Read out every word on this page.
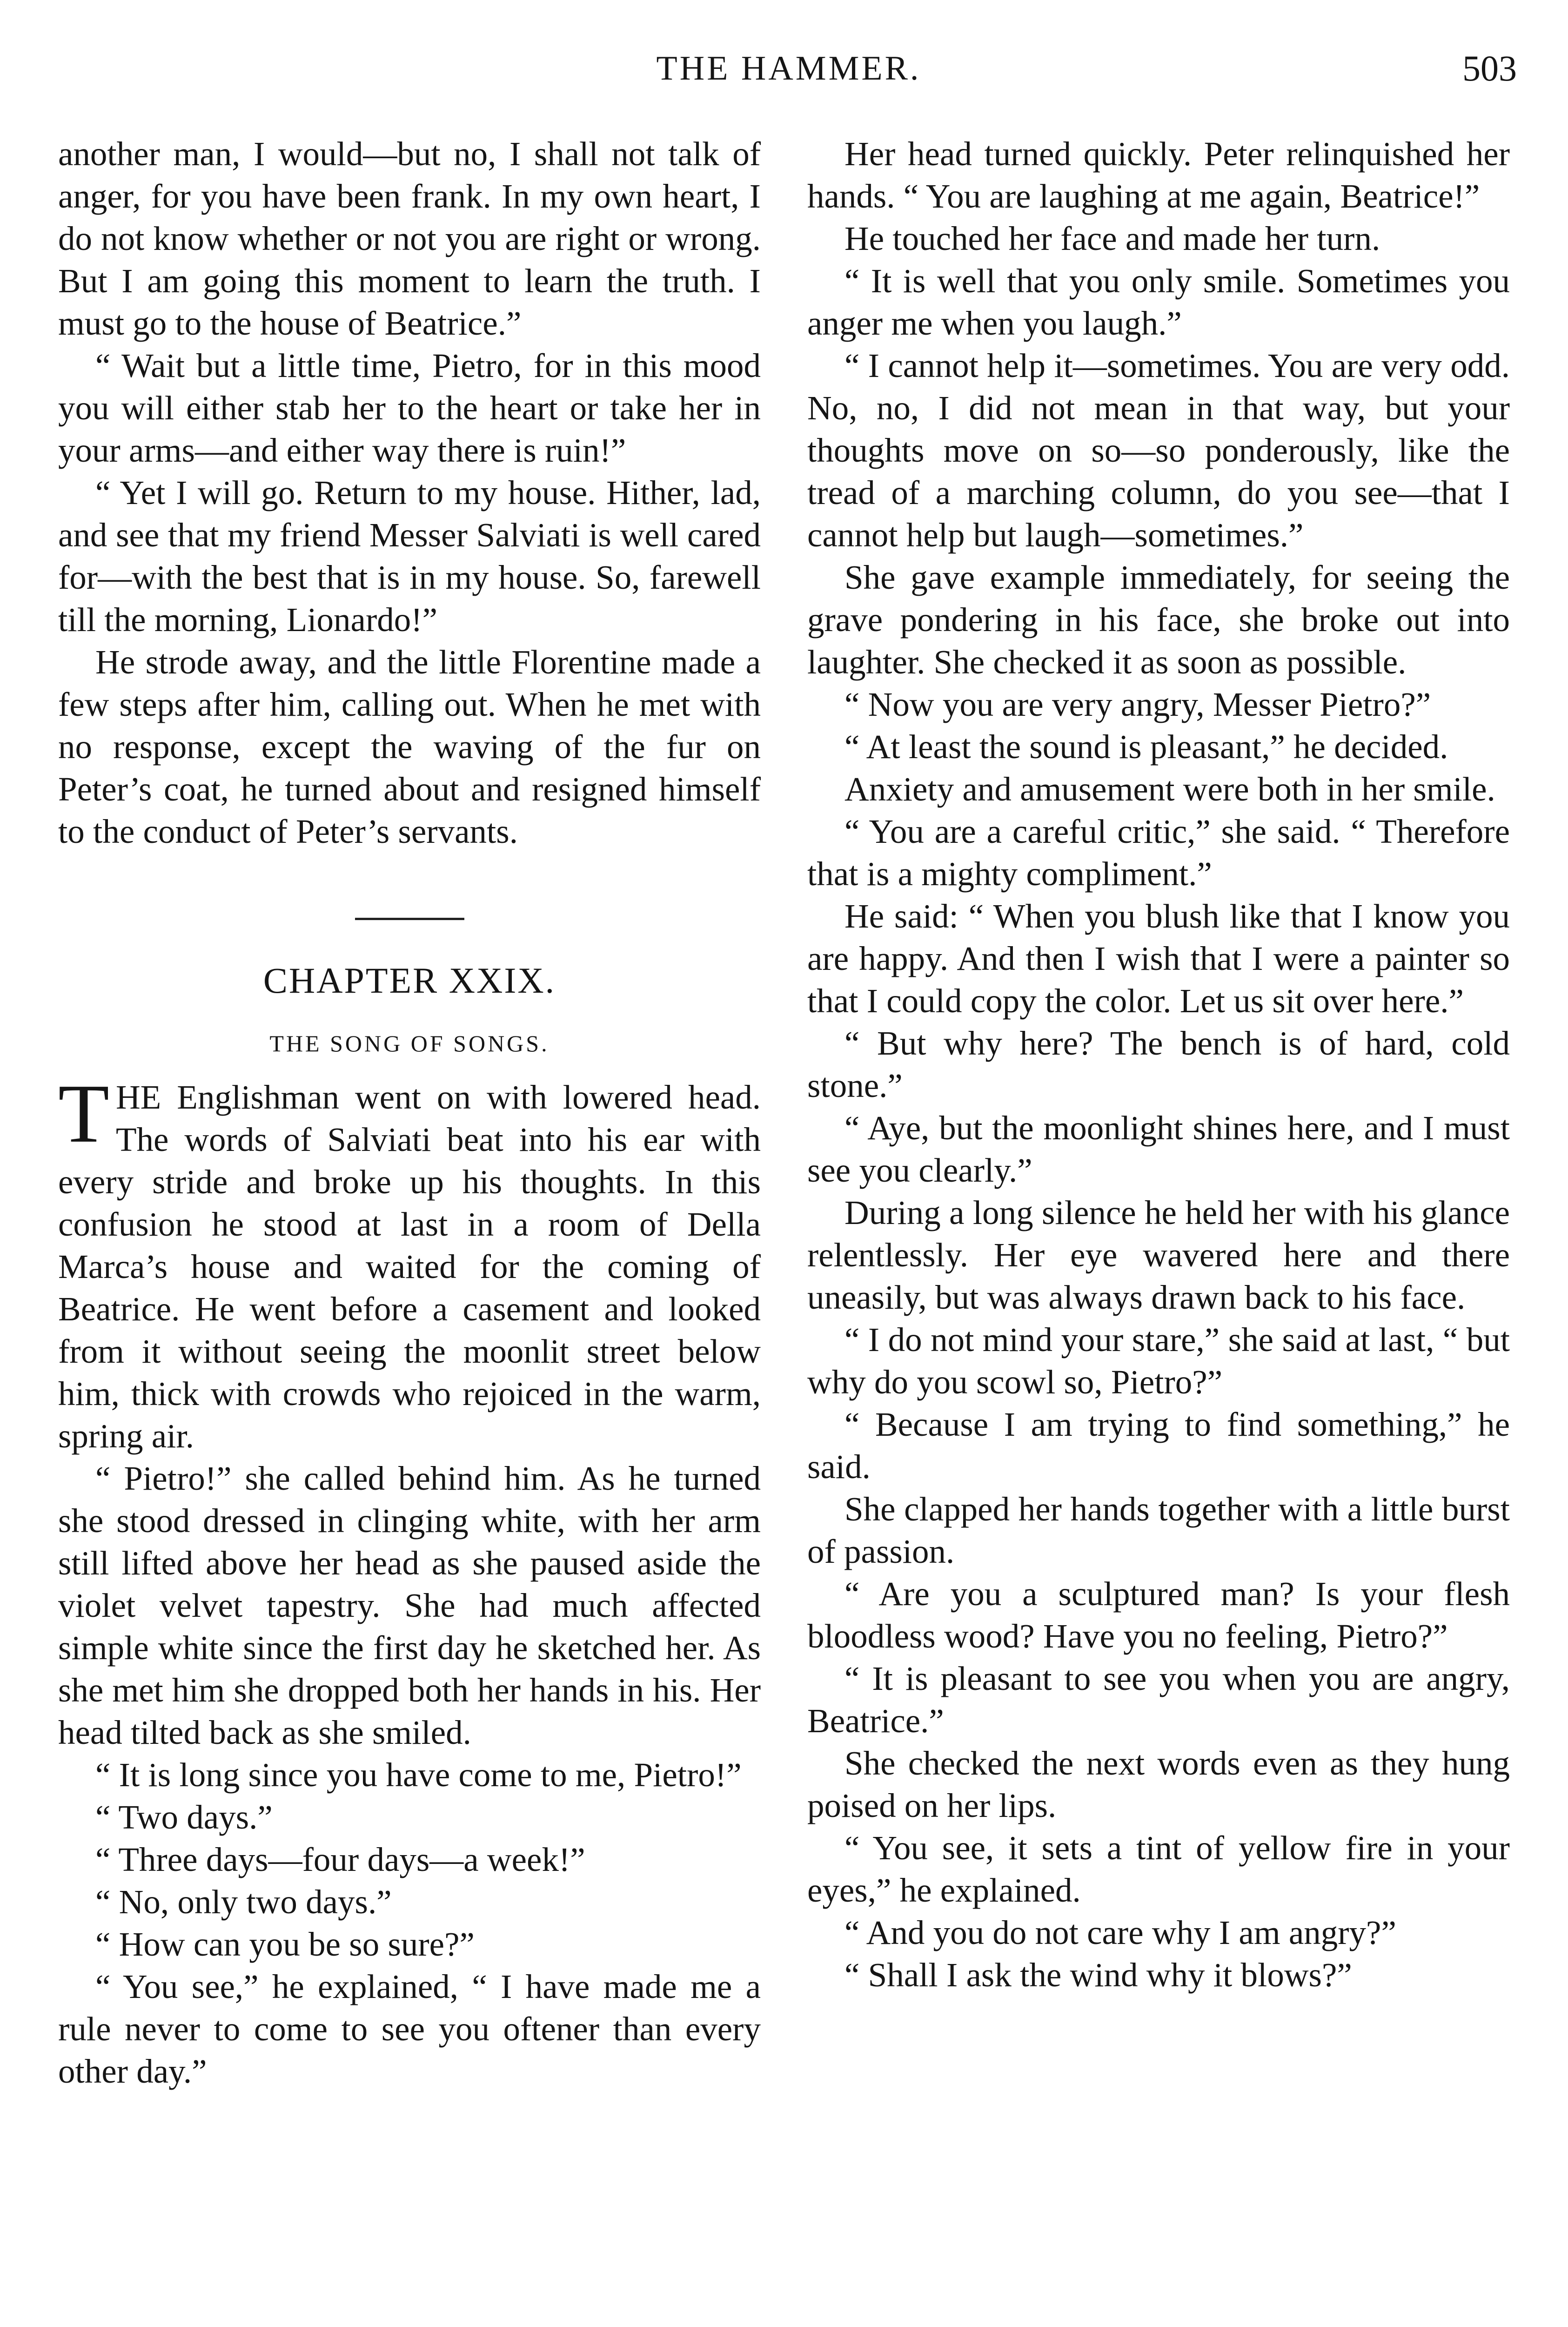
THE HAMMER.	503

another man, I would—but no, I shall not talk of anger, for you have been frank. In my own heart, I do not know whether or not you are right or wrong. But I am going this moment to learn the truth. I must go to the house of Beatrice.”

“ Wait but a little time, Pietro, for in this mood you will either stab her to the heart or take her in your arms—and either way there is ruin!”

“ Yet I will go. Return to my house. Hither, lad, and see that my friend Messer Salviati is well cared for—with the best that is in my house. So, farewell till the morning, Lionardo!”

He strode away, and the little Florentine made a few steps after him, calling out. When he met with no response, except the waving of the fur on Peter’s coat, he turned about and resigned himself to the conduct of Peter’s servants.

CHAPTER XXIX.
THE SONG OF SONGS.

THE Englishman went on with lowered head. The words of Salviati beat into his ear with every stride and broke up his thoughts. In this confusion he stood at last in a room of Della Marca’s house and waited for the coming of Beatrice. He went before a casement and looked from it without seeing the moonlit street below him, thick with crowds who rejoiced in the warm, spring air.

“ Pietro!” she called behind him. As he turned she stood dressed in clinging white, with her arm still lifted above her head as she paused aside the violet velvet tapestry. She had much affected simple white since the first day he sketched her. As she met him she dropped both her hands in his. Her head tilted back as she smiled.

“ It is long since you have come to me, Pietro!”

“ Two days.”

“ Three days—four days—a week!”

“ No, only two days.”

“ How can you be so sure?”

“ You see,” he explained, “ I have made me a rule never to come to see you oftener than every other day.”

Her head turned quickly. Peter relinquished her hands. “ You are laughing at me again, Beatrice!”

He touched her face and made her turn.

“ It is well that you only smile. Sometimes you anger me when you laugh.”

“ I cannot help it—sometimes. You are very odd. No, no, I did not mean in that way, but your thoughts move on so—so ponderously, like the tread of a marching column, do you see—that I cannot help but laugh—sometimes.”

She gave example immediately, for seeing the grave pondering in his face, she broke out into laughter. She checked it as soon as possible.

“ Now you are very angry, Messer Pietro?”

“ At least the sound is pleasant,” he decided.

Anxiety and amusement were both in her smile.

“ You are a careful critic,” she said. “ Therefore that is a mighty compliment.”

He said: “ When you blush like that I know you are happy. And then I wish that I were a painter so that I could copy the color. Let us sit over here.”

“ But why here? The bench is of hard, cold stone.”

“ Aye, but the moonlight shines here, and I must see you clearly.”

During a long silence he held her with his glance relentlessly. Her eye wavered here and there uneasily, but was always drawn back to his face.

“ I do not mind your stare,” she said at last, “ but why do you scowl so, Pietro?”

“ Because I am trying to find something,” he said.

She clapped her hands together with a little burst of passion.

“ Are you a sculptured man? Is your flesh bloodless wood? Have you no feeling, Pietro?”

“ It is pleasant to see you when you are angry, Beatrice.”

She checked the next words even as they hung poised on her lips.

“ You see, it sets a tint of yellow fire in your eyes,” he explained.

“ And you do not care why I am angry?”

“ Shall I ask the wind why it blows?”
